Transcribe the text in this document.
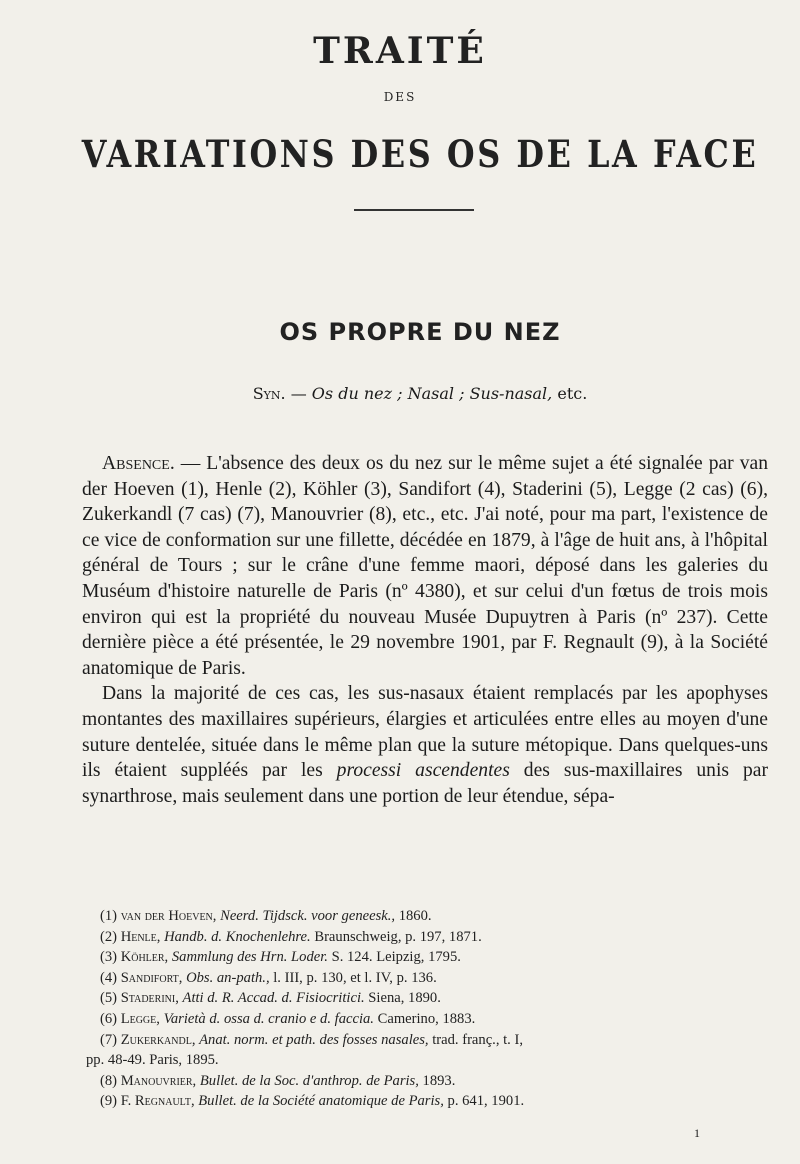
TRAITÉ
DES
VARIATIONS DES OS DE LA FACE
OS PROPRE DU NEZ
Syn. — Os du nez ; Nasal ; Sus-nasal, etc.

Absence. — L'absence des deux os du nez sur le même sujet a été signalée par van der Hoeven (1), Henle (2), Köhler (3), Sandifort (4), Staderini (5), Legge (2 cas) (6), Zukerkandl (7 cas) (7), Manouvrier (8), etc., etc. J'ai noté, pour ma part, l'existence de ce vice de conformation sur une fillette, décédée en 1879, à l'âge de huit ans, à l'hôpital général de Tours ; sur le crâne d'une femme maori, déposé dans les galeries du Muséum d'histoire naturelle de Paris (nº 4380), et sur celui d'un fœtus de trois mois environ qui est la propriété du nouveau Musée Dupuytren à Paris (nº 237). Cette dernière pièce a été présentée, le 29 novembre 1901, par F. Regnault (9), à la Société anatomique de Paris.

Dans la majorité de ces cas, les sus-nasaux étaient remplacés par les apophyses montantes des maxillaires supérieurs, élargies et articulées entre elles au moyen d'une suture dentelée, située dans le même plan que la suture métopique. Dans quelques-uns ils étaient suppléés par les processi ascendentes des sus-maxillaires unis par synarthrose, mais seulement dans une portion de leur étendue, sépa-

(1) van der Hoeven, Neerd. Tijdsck. voor geneesk., 1860.
(2) Henle, Handb. d. Knochenlehre. Braunschweig, p. 197, 1871.
(3) Köhler, Sammlung des Hrn. Loder. S. 124. Leipzig, 1795.
(4) Sandifort, Obs. an-path., l. III, p. 130, et l. IV, p. 136.
(5) Staderini, Atti d. R. Accad. d. Fisiocritici. Siena, 1890.
(6) Legge, Varietà d. ossa d. cranio e d. faccia. Camerino, 1883.
(7) Zukerkandl, Anat. norm. et path. des fosses nasales, trad. franç., t. I,
pp. 48-49. Paris, 1895.
(8) Manouvrier, Bullet. de la Soc. d'anthrop. de Paris, 1893.
(9) F. Regnault, Bullet. de la Société anatomique de Paris, p. 641, 1901.
1
